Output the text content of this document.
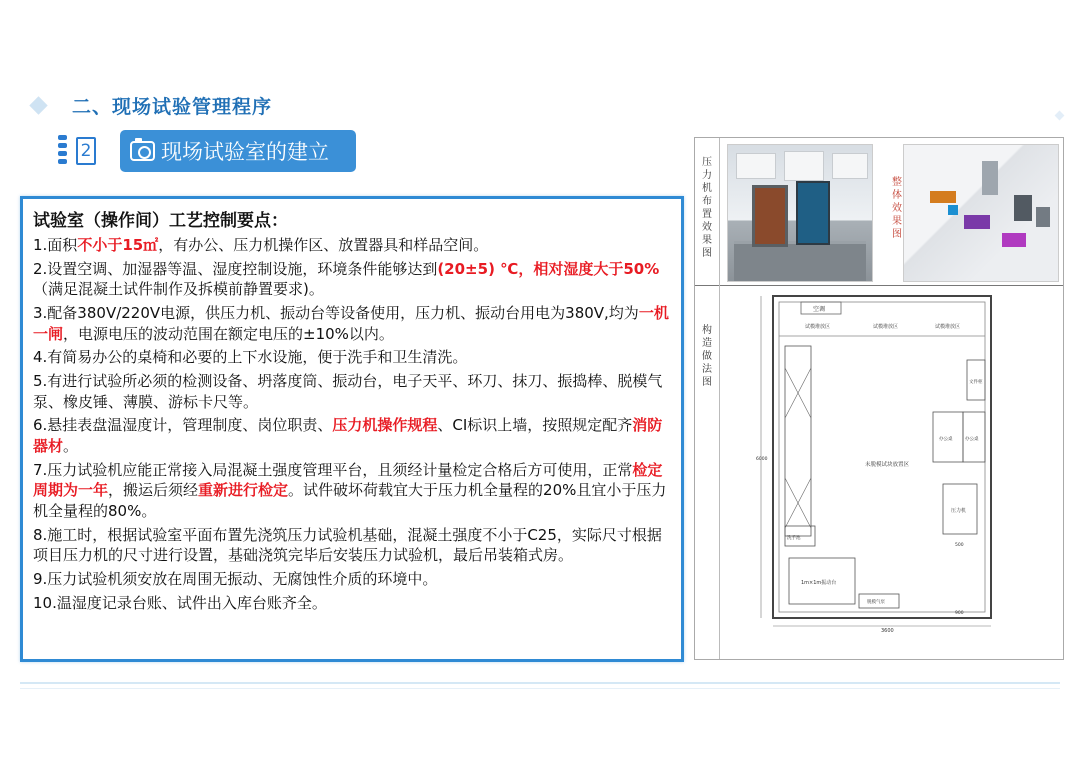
二、现场试验管理程序
2	现场试验室的建立
试验室（操作间）工艺控制要点：
1.面积不小于15㎡，有办公、压力机操作区、放置器具和样品空间。
2.设置空调、加湿器等温、湿度控制设施，环境条件能够达到(20±5) ℃，相对湿度大于50%（满足混凝土试件制作及拆模前静置要求)。
3.配备380V/220V电源，供压力机、振动台等设备使用，压力机、振动台用电为380V,均为一机一闸，电源电压的波动范围在额定电压的±10%以内。
4.有简易办公的桌椅和必要的上下水设施，便于洗手和卫生清洗。
5.有进行试验所必须的检测设备、坍落度筒、振动台，电子天平、环刀、抹刀、振捣棒、脱模气泵、橡皮锤、薄膜、游标卡尺等。
6.悬挂表盘温湿度计，管理制度、岗位职责、压力机操作规程、CI标识上墙，按照规定配齐消防器材。
7.压力试验机应能正常接入局混凝土强度管理平台，且须经计量检定合格后方可使用，正常检定周期为一年，搬运后须经重新进行检定。试件破坏荷载宜大于压力机全量程的20%且宜小于压力机全量程的80%。
8.施工时，根据试验室平面布置先浇筑压力试验机基础，混凝土强度不小于C25，实际尺寸根据项目压力机的尺寸进行设置，基础浇筑完毕后安装压力试验机，最后吊装箱式房。
9.压力试验机须安放在周围无振动、无腐蚀性介质的环境中。
10.温湿度记录台账、试件出入库台账齐全。
压力机布置效果图
整体效果图
构造做法图
空调
试模堆放区	试模堆放区	试模堆放区
文件柜
办公桌	办公桌
未脱模试块放置区
压力机
洗手池
1m×1m振动台
脱模气泵
3600
6000
500
900
